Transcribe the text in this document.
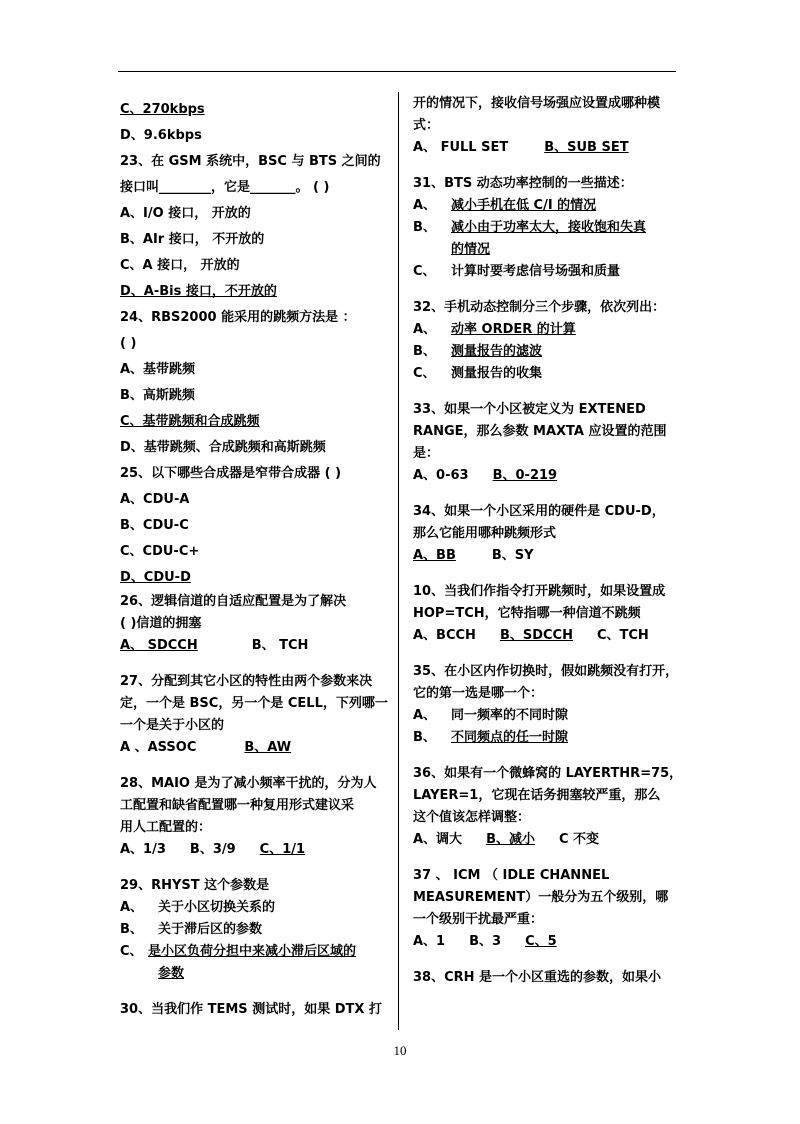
C、270kbps
D、9.6kbps
23、在 GSM 系统中，BSC 与 BTS 之间的
接口叫________，它是_______。 ( )
A、I/O 接口， 开放的
B、AIr 接口， 不开放的
C、A 接口， 开放的
D、A-Bis 接口，不开放的
24、RBS2000 能采用的跳频方法是 ：
( )
A、基带跳频
B、高斯跳频
C、基带跳频和合成跳频
D、基带跳频、合成跳频和高斯跳频
25、以下哪些合成器是窄带合成器 ( )
A、CDU-A
B、CDU-C
C、CDU-C+
D、CDU-D
26、逻辑信道的自适应配置是为了解决
( )信道的拥塞
A、 SDCCH	B、 TCH
27、分配到其它小区的特性由两个参数来决
定，一个是 BSC，另一个是 CELL，下列哪一
一个是关于小区的
A 、ASSOC	B、AW
28、MAIO 是为了减小频率干扰的，分为人
工配置和缺省配置哪一种复用形式建议采
用人工配置的：
A、1/3 B、3/9 C、1/1
29、RHYST 这个参数是
A、 关于小区切换关系的
B、 关于滞后区的参数
C、 是小区负荷分担中来减小滞后区域的
参数
30、当我们作 TEMS 测试时，如果 DTX 打
开的情况下，接收信号场强应设置成哪种模
式：
A、 FULL SET	B、SUB SET
31、BTS 动态功率控制的一些描述：
A、 减小手机在低 C/I 的情况
B、 减小由于功率太大，接收饱和失真
的情况
C、 计算时要考虑信号场强和质量
32、手机动态控制分三个步骤，依次列出：
A、 动率 ORDER 的计算
B、 测量报告的滤波
C、 测量报告的收集
33、如果一个小区被定义为 EXTENED
RANGE，那么参数 MAXTA 应设置的范围
是：
A、0-63 B、0-219
34、如果一个小区采用的硬件是 CDU-D，
那么它能用哪种跳频形式
A、BB	B、SY
10、当我们作指令打开跳频时，如果设置成
HOP=TCH，它特指哪一种信道不跳频
A、BCCH B、SDCCH C、TCH
35、在小区内作切换时，假如跳频没有打开，
它的第一选是哪一个：
A、 同一频率的不同时隙
B、 不同频点的任一时隙
36、如果有一个微蜂窝的 LAYERTHR=75，
LAYER=1，它现在话务拥塞较严重，那么
这个值该怎样调整：
A、调大 B、减小 C 不变
37 、 ICM （ IDLE CHANNEL
MEASUREMENT）一般分为五个级别，哪
一个级别干扰最严重：
A、1 B、3 C、5
38、CRH 是一个小区重选的参数，如果小
10
